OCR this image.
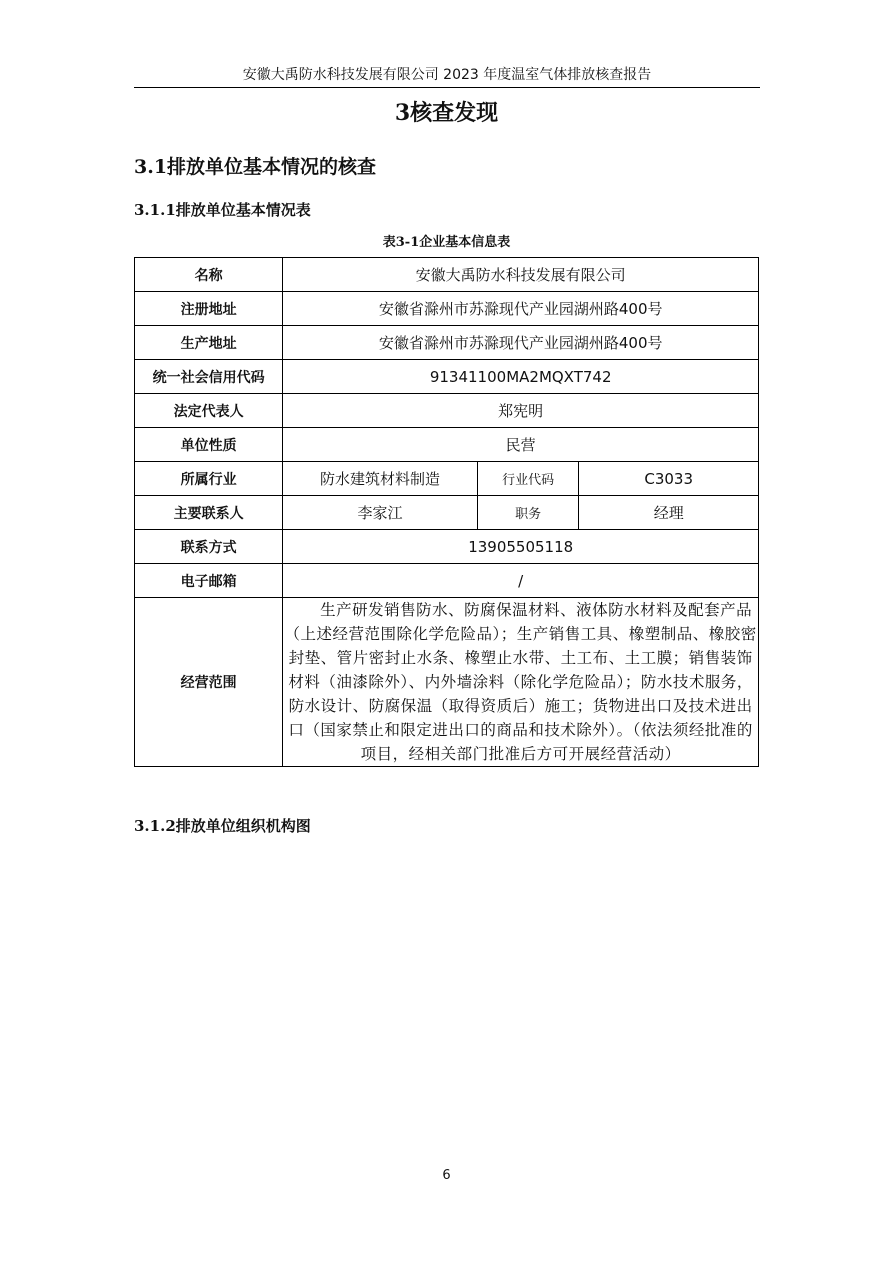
安徽大禹防水科技发展有限公司 2023 年度温室气体排放核查报告
3核查发现
3.1排放单位基本情况的核查
3.1.1排放单位基本情况表
表3-1企业基本信息表
名称	安徽大禹防水科技发展有限公司		
注册地址	安徽省滁州市苏滁现代产业园湖州路400号		
生产地址	安徽省滁州市苏滁现代产业园湖州路400号		
统一社会信用代码	91341100MA2MQXT742		
法定代表人	郑宪明		
单位性质	民营		
所属行业	防水建筑材料制造	行业代码	C3033
主要联系人	李家江	职务	经理
联系方式	13905505118		
电子邮箱	/		
经营范围	生产研发销售防水、防腐保温材料、液体防水材料及配套产品（上述经营范围除化学危险品）；生产销售工具、橡塑制品、橡胶密封垫、管片密封止水条、橡塑止水带、土工布、土工膜；销售装饰材料（油漆除外）、内外墙涂料（除化学危险品）；防水技术服务，防水设计、防腐保温（取得资质后）施工；货物进出口及技术进出口（国家禁止和限定进出口的商品和技术除外）。（依法须经批准的项目，经相关部门批准后方可开展经营活动）		
3.1.2排放单位组织机构图
6
